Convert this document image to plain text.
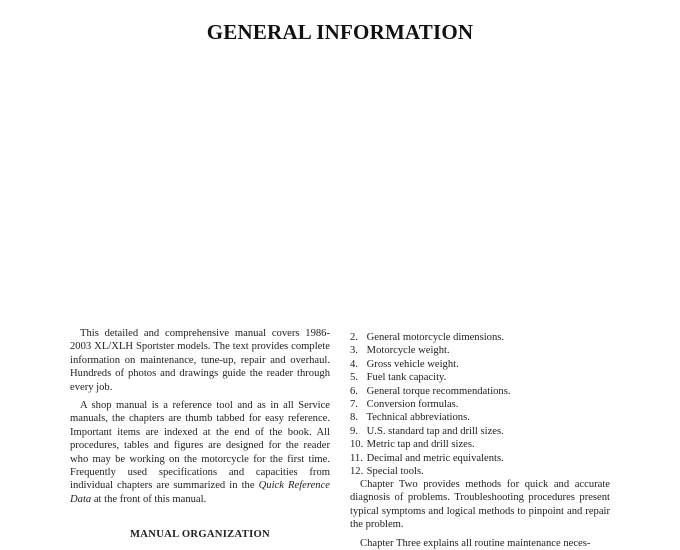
GENERAL INFORMATION

This detailed and comprehensive manual covers 1986-2003 XL/XLH Sportster models. The text provides complete information on maintenance, tune-up, repair and overhaul. Hundreds of photos and drawings guide the reader through every job.

A shop manual is a reference tool and as in all Service manuals, the chapters are thumb tabbed for easy reference. Important items are indexed at the end of the book. All procedures, tables and figures are designed for the reader who may be working on the motorcycle for the first time. Frequently used specifications and capacities from individual chapters are summarized in the Quick Reference Data at the front of this manual.

MANUAL ORGANIZATION
2. General motorcycle dimensions.
3. Motorcycle weight.
4. Gross vehicle weight.
5. Fuel tank capacity.
6. General torque recommendations.
7. Conversion formulas.
8. Technical abbreviations.
9. U.S. standard tap and drill sizes.
10. Metric tap and drill sizes.
11. Decimal and metric equivalents.
12. Special tools.

Chapter Two provides methods for quick and accurate diagnosis of problems. Troubleshooting procedures present typical symptoms and logical methods to pinpoint and repair the problem.

Chapter Three explains all routine maintenance neces-
